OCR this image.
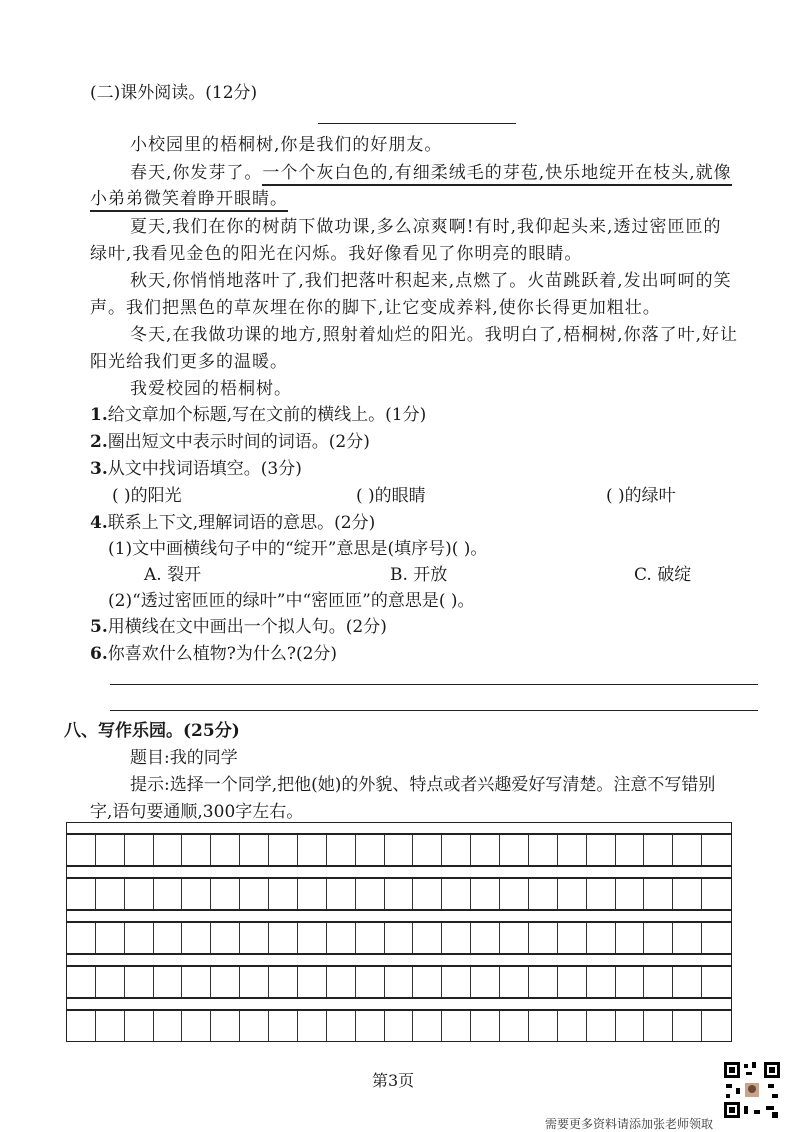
(二)课外阅读。(12分)
小校园里的梧桐树,你是我们的好朋友。
春天,你发芽了。一个个灰白色的,有细柔绒毛的芽苞,快乐地绽开在枝头,就像
小弟弟微笑着睁开眼睛。
夏天,我们在你的树荫下做功课,多么凉爽啊!有时,我仰起头来,透过密匝匝的
绿叶,我看见金色的阳光在闪烁。我好像看见了你明亮的眼睛。
秋天,你悄悄地落叶了,我们把落叶积起来,点燃了。火苗跳跃着,发出呵呵的笑
声。我们把黑色的草灰埋在你的脚下,让它变成养料,使你长得更加粗壮。
冬天,在我做功课的地方,照射着灿烂的阳光。我明白了,梧桐树,你落了叶,好让
阳光给我们更多的温暖。
我爱校园的梧桐树。
1.给文章加个标题,写在文前的横线上。(1分)
2.圈出短文中表示时间的词语。(2分)
3.从文中找词语填空。(3分)
( )的阳光	( )的眼睛	( )的绿叶
4.联系上下文,理解词语的意思。(2分)
(1)文中画横线句子中的“绽开”意思是(填序号)( )。
A. 裂开	B. 开放	C. 破绽
(2)“透过密匝匝的绿叶”中“密匝匝”的意思是( )。
5.用横线在文中画出一个拟人句。(2分)
6.你喜欢什么植物?为什么?(2分)
八、写作乐园。(25分)
题目:我的同学
提示:选择一个同学,把他(她)的外貌、特点或者兴趣爱好写清楚。注意不写错别
字,语句要通顺,300字左右。
第3页
需要更多资料请添加张老师领取
